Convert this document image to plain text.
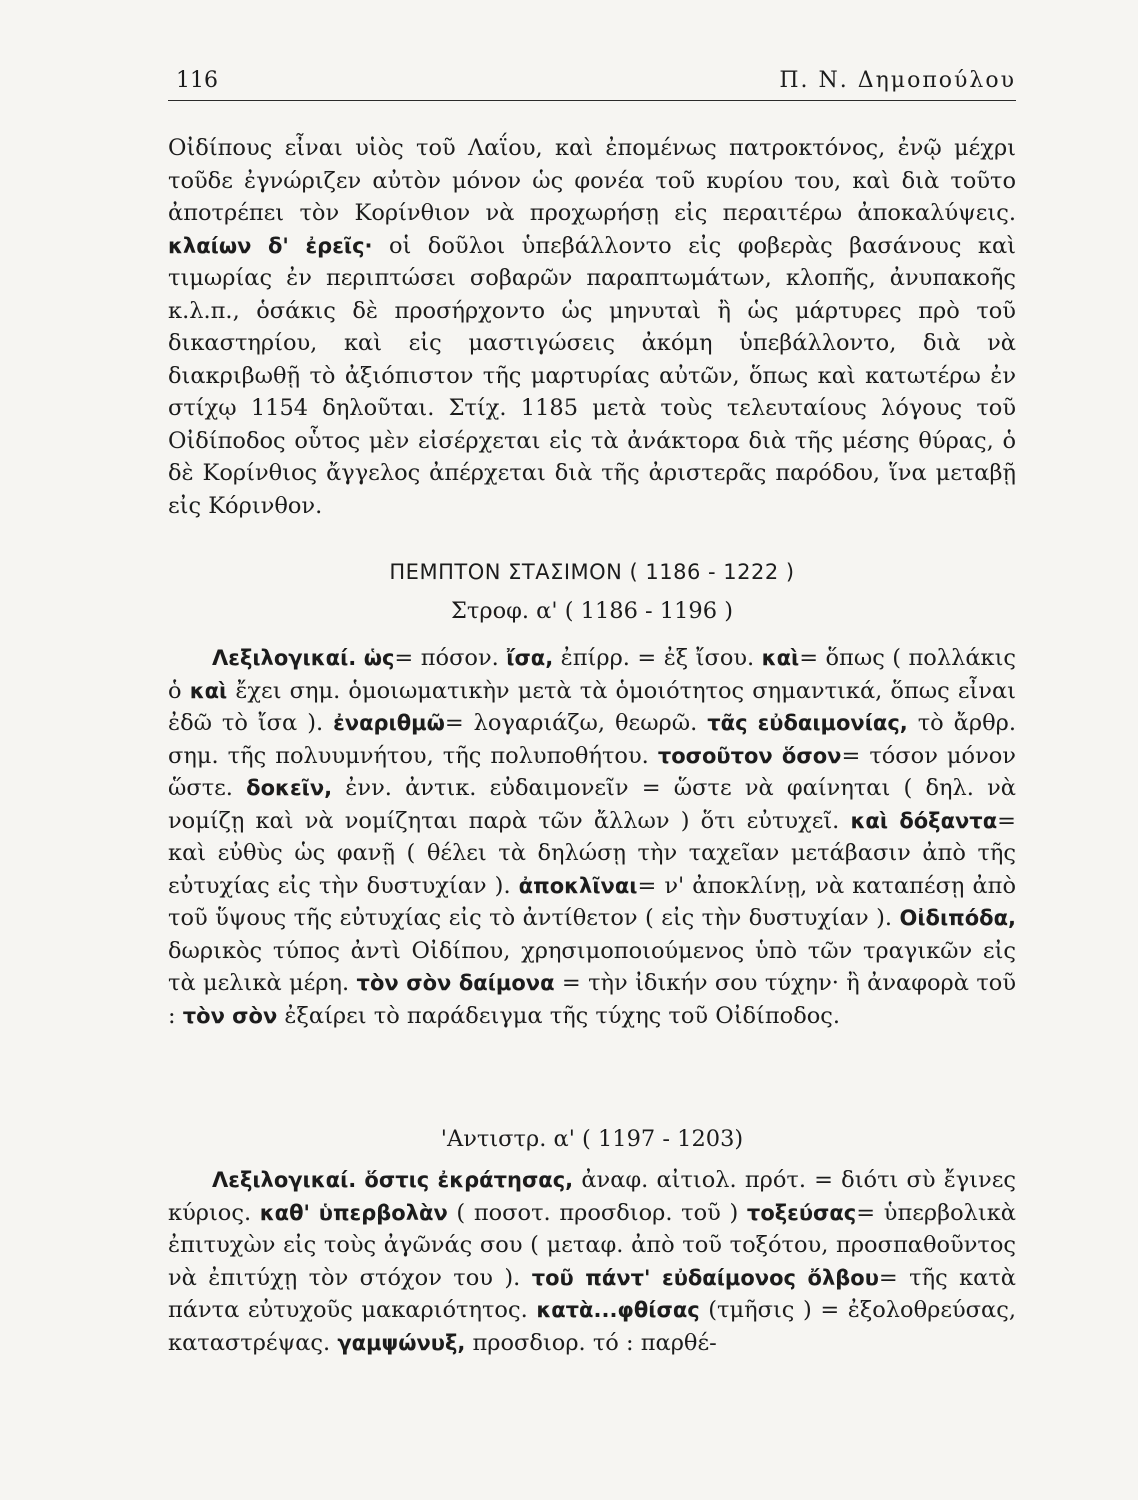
116	Π. Ν. Δημοπούλου

Οἰδίπους εἶναι υἱὸς τοῦ Λαΐου, καὶ ἐπομένως πατροκτόνος, ἐνῷ μέχρι τοῦδε ἐγνώριζεν αὐτὸν μόνον ὡς φονέα τοῦ κυρίου του, καὶ διὰ τοῦτο ἀποτρέπει τὸν Κορίνθιον νὰ προχωρήσῃ εἰς περαιτέρω ἀποκαλύψεις. κλαίων δ' ἐρεῖς· οἱ δοῦλοι ὑπεβάλλοντο εἰς φοβερὰς βασάνους καὶ τιμωρίας ἐν περιπτώσει σοβαρῶν παραπτωμάτων, κλοπῆς, ἀνυπακοῆς κ.λ.π., ὁσάκις δὲ προσήρχοντο ὡς μηνυταὶ ἢ ὡς μάρτυρες πρὸ τοῦ δικαστηρίου, καὶ εἰς μαστιγώσεις ἀκόμη ὑπεβάλλοντο, διὰ νὰ διακριβωθῇ τὸ ἀξιόπιστον τῆς μαρτυρίας αὐτῶν, ὅπως καὶ κατωτέρω ἐν στίχῳ 1154 δηλοῦται. Στίχ. 1185 μετὰ τοὺς τελευταίους λόγους τοῦ Οἰδίποδος οὗτος μὲν εἰσέρχεται εἰς τὰ ἀνάκτορα διὰ τῆς μέσης θύρας, ὁ δὲ Κορίνθιος ἄγγελος ἀπέρχεται διὰ τῆς ἀριστερᾶς παρόδου, ἵνα μεταβῇ εἰς Κόρινθον.

ΠΕΜΠΤΟΝ ΣΤΑΣΙΜΟΝ ( 1186 - 1222 )
Στροφ. α' ( 1186 - 1196 )

Λεξιλογικαί. ὡς= πόσον. ἴσα, ἐπίρρ. = ἐξ ἴσου. καὶ= ὅπως ( πολλάκις ὁ καὶ ἔχει σημ. ὁμοιωματικὴν μετὰ τὰ ὁμοιότητος σημαντικά, ὅπως εἶναι ἐδῶ τὸ ἴσα ). ἐναριθμῶ= λογαριάζω, θεωρῶ. τᾶς εὐδαιμονίας, τὸ ἄρθρ. σημ. τῆς πολυυμνήτου, τῆς πολυποθήτου. τοσοῦτον ὅσον= τόσον μόνον ὥστε. δοκεῖν, ἐνν. ἀντικ. εὐδαιμονεῖν = ὥστε νὰ φαίνηται ( δηλ. νὰ νομίζῃ καὶ νὰ νομίζηται παρὰ τῶν ἄλλων ) ὅτι εὐτυχεῖ. καὶ δόξαντα= καὶ εὐθὺς ὡς φανῇ ( θέλει τὰ δηλώσῃ τὴν ταχεῖαν μετάβασιν ἀπὸ τῆς εὐτυχίας εἰς τὴν δυστυχίαν ). ἀποκλῖναι= ν' ἀποκλίνῃ, νὰ καταπέσῃ ἀπὸ τοῦ ὕψους τῆς εὐτυχίας εἰς τὸ ἀντίθετον ( εἰς τὴν δυστυχίαν ). Οἰδιπόδα, δωρικὸς τύπος ἀντὶ Οἰδίπου, χρησιμοποιούμενος ὑπὸ τῶν τραγικῶν εἰς τὰ μελικὰ μέρη. τὸν σὸν δαίμονα = τὴν ἰδικήν σου τύχην· ἢ ἀναφορὰ τοῦ : τὸν σὸν ἐξαίρει τὸ παράδειγμα τῆς τύχης τοῦ Οἰδίποδος.

'Αντιστρ. α' ( 1197 - 1203)

Λεξιλογικαί. ὅστις ἐκράτησας, ἀναφ. αἰτιολ. πρότ. = διότι σὺ ἔγινες κύριος. καθ' ὑπερβολὰν ( ποσοτ. προσδιορ. τοῦ ) τοξεύσας= ὑπερβολικὰ ἐπιτυχὼν εἰς τοὺς ἀγῶνάς σου ( μεταφ. ἀπὸ τοῦ τοξότου, προσπαθοῦντος νὰ ἐπιτύχῃ τὸν στόχον του ). τοῦ πάντ' εὐδαίμονος ὄλβου= τῆς κατὰ πάντα εὐτυχοῦς μακαριότητος. κατὰ...φθίσας (τμῆσις ) = ἐξολοθρεύσας, καταστρέψας. γαμψώνυξ, προσδιορ. τό : παρθέ-
